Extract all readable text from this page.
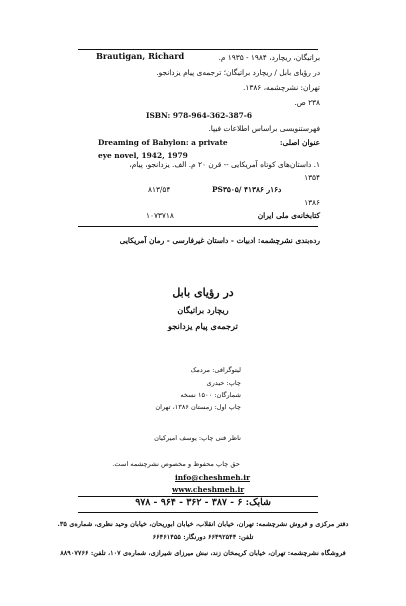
Brautigan, Richard	براتیگان، ریچارد، ۱۹۸۴ - ۱۹۳۵ م.
در رؤیای بابل / ریچارد براتیگان؛ ترجمه‌ی پیام یزدانجو.
تهران: نشرچشمه، ۱۳۸۶.
۲۳۸ ص.
ISBN: 978-964-362-387-6
فهرستنویسی براساس اطلاعات فیپا.
Dreaming of Babylon: a private	عنوان اصلی:
eye novel, 1942, 1979
۱. داستان‌های کوتاه آمریکایی -- قرن ۲۰ م. الف. یزدانجو، پیام،
۱۳۵۴
۸۱۳/۵۴	PS۳۵۰۵/ ۴د۱۶ر ۱۳۸۶
۱۳۸۶
۱۰۷۳۷۱۸	کتابخانه‌ی ملی ایران
رده‌بندی نشرچشمه: ادبیات - داستان غیرفارسی - رمان آمریکایی
در رؤیای بابل
ریچارد براتیگان
ترجمه‌ی پیام یزدانجو
لیتوگرافی: مردمک
چاپ: حیدری
شمارگان: ۱۵۰۰ نسخه
چاپ اول: زمستان ۱۳۸۶، تهران
ناظر فنی چاپ: یوسف امیرکیان
حق چاپ محفوظ و مخصوص نشرچشمه است.
info@cheshmeh.ir
www.cheshmeh.ir
شابک: ۶ - ۳۸۷ - ۳۶۲ - ۹۶۴ - ۹۷۸
دفتر مرکزی و فروش نشرچشمه: تهران، خیابان انقلاب، خیابان ابوریحان، خیابان وحید نظری، شماره‌ی ۳۵.
تلفن: ۶۶۴۹۲۵۴۴ دورنگار: ۶۶۴۶۱۴۵۵
فروشگاه نشرچشمه: تهران، خیابان کریمخان زند، نبش میرزای شیرازی، شماره‌ی ۱۰۷، تلفن: ۸۸۹۰۷۷۶۶
